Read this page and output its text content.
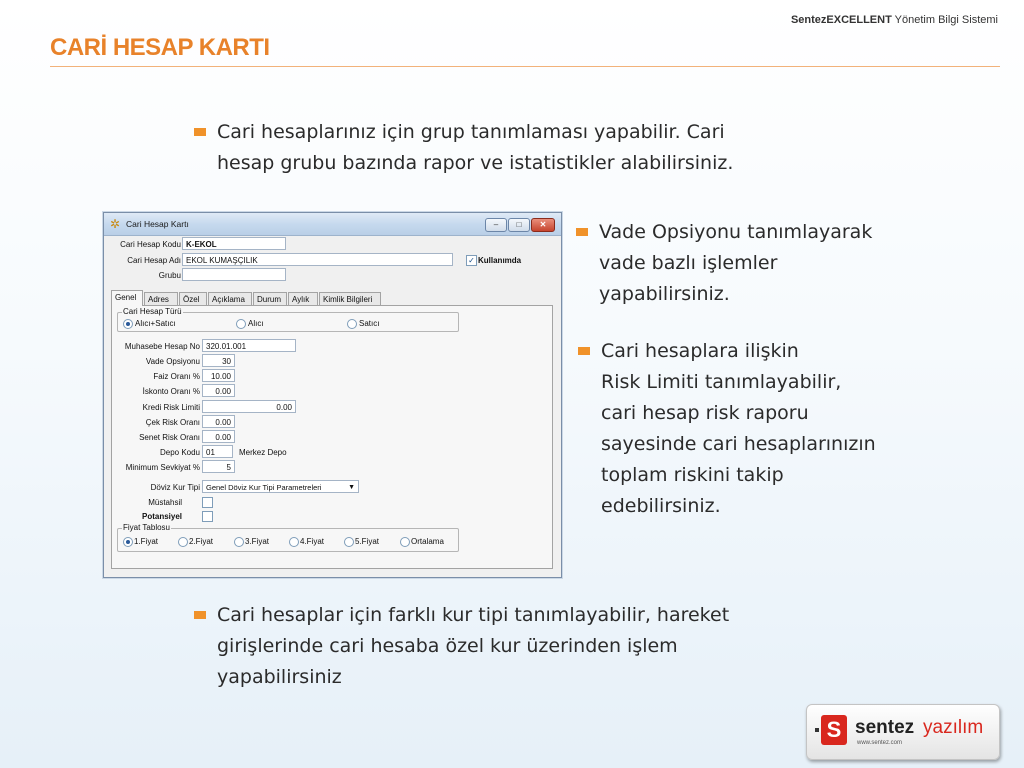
SentezEXCELLENT Yönetim Bilgi Sistemi
CARİ HESAP KARTI
Cari hesaplarınız için grup tanımlaması yapabilir. Cari
hesap grubu bazında rapor ve istatistikler alabilirsiniz.
Vade Opsiyonu tanımlayarak
vade bazlı işlemler
yapabilirsiniz.
Cari hesaplara ilişkin
Risk Limiti tanımlayabilir,
cari hesap risk raporu
sayesinde cari hesaplarınızın
toplam riskini takip
edebilirsiniz.
Cari hesaplar için farklı kur tipi tanımlayabilir, hareket
girişlerinde cari hesaba özel kur üzerinden işlem
yapabilirsiniz
✲ Cari Hesap Kartı	‒	□	✕
Cari Hesap Kodu K-EKOL
Cari Hesap Adı EKOL KUMAŞÇILIK
Grubu
✓ Kullanımda
Genel	Adres	Özel	Açıklama	Durum	Aylık	Kimlik Bilgileri
Cari Hesap Türü
Alıcı+Satıcı	Alıcı	Satıcı
Muhasebe Hesap No 320.01.001
Vade Opsiyonu	30
Faiz Oranı %	10.00
İskonto Oranı %	0.00
Kredi Risk Limiti	0.00
Çek Risk Oranı	0.00
Senet Risk Oranı	0.00
Depo Kodu 01	Merkez Depo
Minimum Sevkiyat %	5
Döviz Kur Tipi Genel Döviz Kur Tipi Parametreleri	▼
Müstahsil
Potansiyel
Fiyat Tablosu
1.Fiyat	2.Fiyat	3.Fiyat	4.Fiyat	5.Fiyat	Ortalama
S sentez yazılım
www.sentez.com
